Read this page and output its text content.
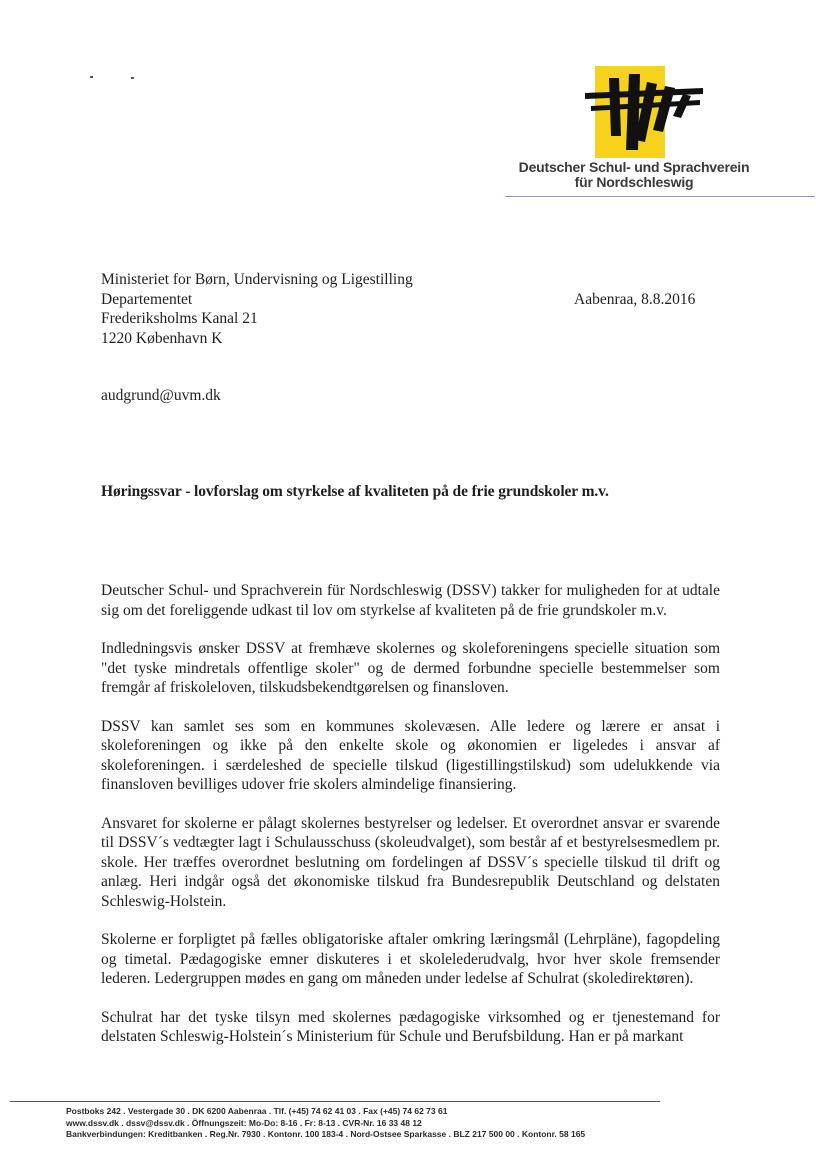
Deutscher Schul- und Sprachverein
für Nordschleswig
Ministeriet for Børn, Undervisning og Ligestilling
Departementet
Frederiksholms Kanal 21
1220 København K
Aabenraa, 8.8.2016
audgrund@uvm.dk
Høringssvar - lovforslag om styrkelse af kvaliteten på de frie grundskoler m.v.

Deutscher Schul- und Sprachverein für Nordschleswig (DSSV) takker for muligheden for at udtale sig om det foreliggende udkast til lov om styrkelse af kvaliteten på de frie grundskoler m.v.

Indledningsvis ønsker DSSV at fremhæve skolernes og skoleforeningens specielle situation som "det tyske mindretals offentlige skoler" og de dermed forbundne specielle bestemmelser som fremgår af friskoleloven, tilskudsbekendtgørelsen og finansloven.

DSSV kan samlet ses som en kommunes skolevæsen. Alle ledere og lærere er ansat i skoleforeningen og ikke på den enkelte skole og økonomien er ligeledes i ansvar af skoleforeningen. i særdeleshed de specielle tilskud (ligestillingstilskud) som udelukkende via finansloven bevilliges udover frie skolers almindelige finansiering.

Ansvaret for skolerne er pålagt skolernes bestyrelser og ledelser. Et overordnet ansvar er svarende til DSSV´s vedtægter lagt i Schulausschuss (skoleudvalget), som består af et bestyrelsesmedlem pr. skole. Her træffes overordnet beslutning om fordelingen af DSSV´s specielle tilskud til drift og anlæg. Heri indgår også det økonomiske tilskud fra Bundesrepublik Deutschland og delstaten Schleswig-Holstein.

Skolerne er forpligtet på fælles obligatoriske aftaler omkring læringsmål (Lehrpläne), fagopdeling og timetal. Pædagogiske emner diskuteres i et skolelederudvalg, hvor hver skole fremsender lederen. Ledergruppen mødes en gang om måneden under ledelse af Schulrat (skoledirektøren).

Schulrat har det tyske tilsyn med skolernes pædagogiske virksomhed og er tjenestemand for delstaten Schleswig-Holstein´s Ministerium für Schule und Berufsbildung. Han er på markant

Postboks 242 . Vestergade 30 . DK 6200 Aabenraa . Tlf. (+45) 74 62 41 03 . Fax (+45) 74 62 73 61
www.dssv.dk . dssv@dssv.dk . Öffnungszeit: Mo-Do: 8-16 . Fr: 8-13 . CVR-Nr. 16 33 48 12
Bankverbindungen: Kreditbanken . Reg.Nr. 7930 . Kontonr. 100 183-4 . Nord-Ostsee Sparkasse . BLZ 217 500 00 . Kontonr. 58 165
